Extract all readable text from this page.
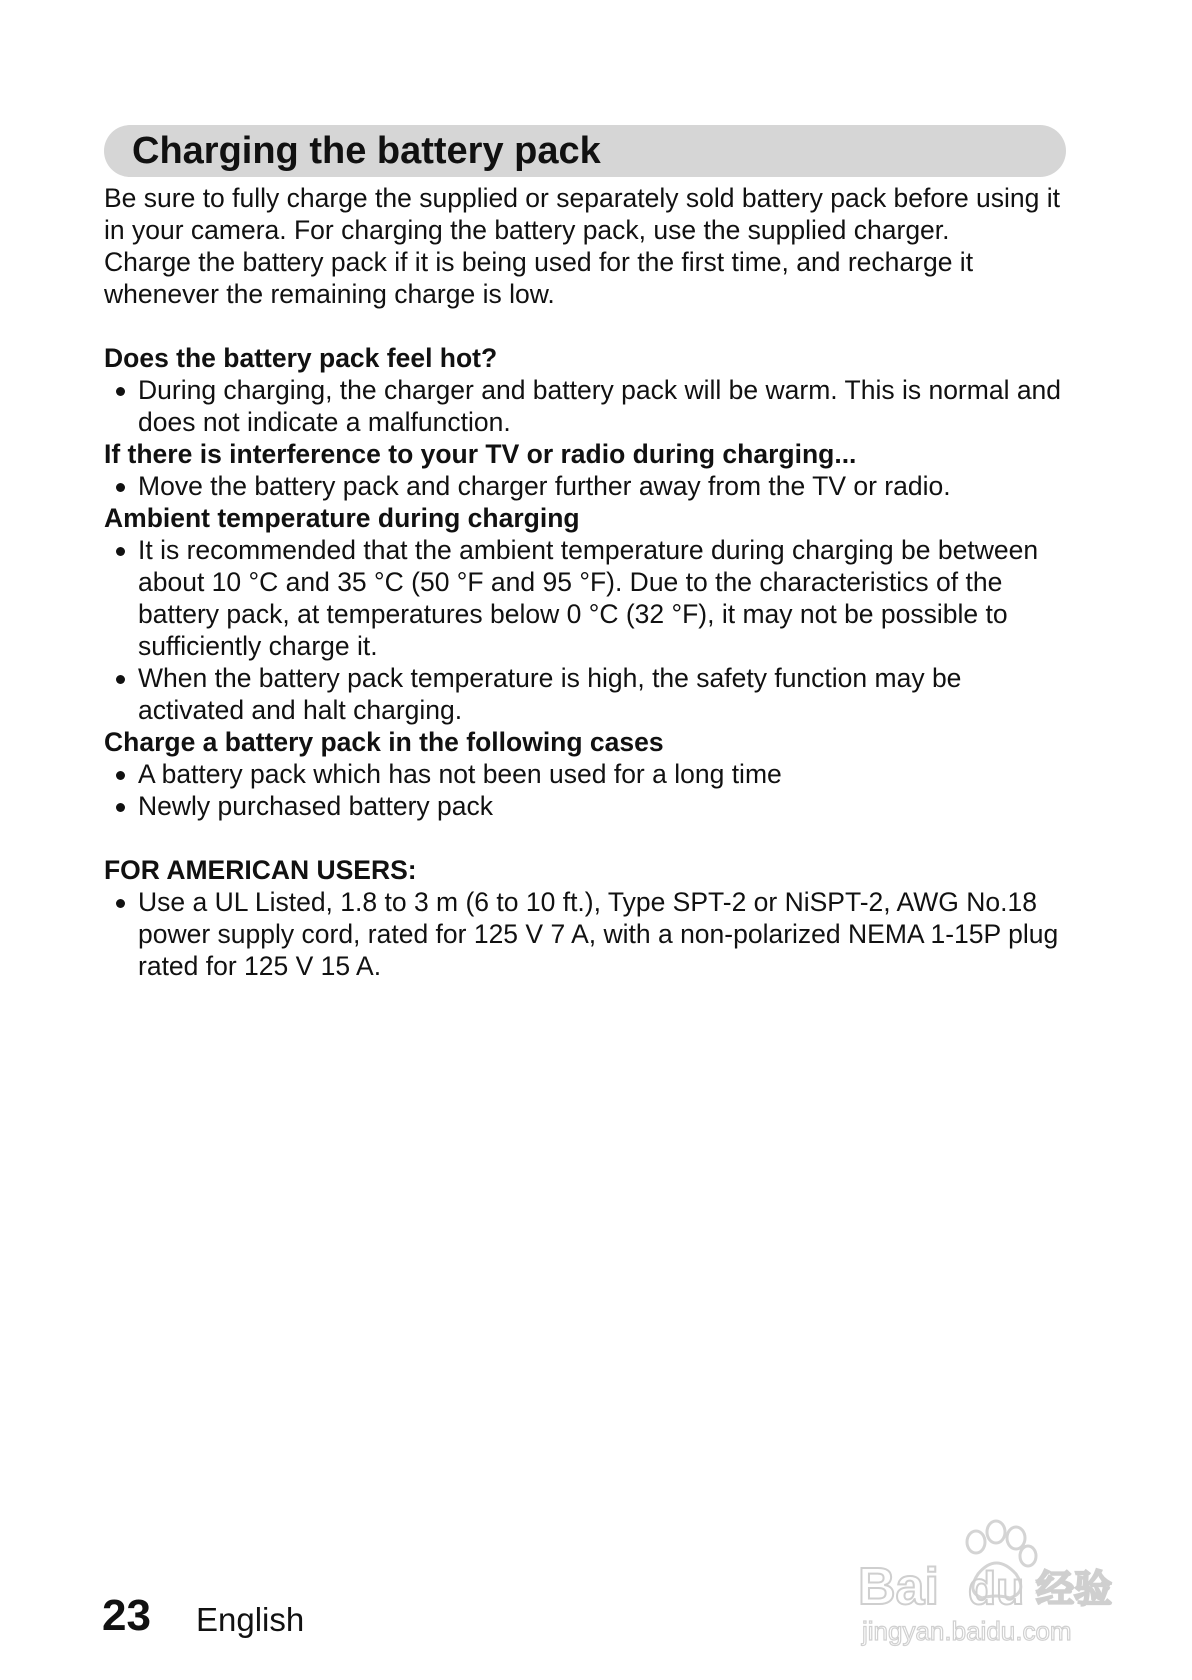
Charging the battery pack

Be sure to fully charge the supplied or separately sold battery pack before using it in your camera. For charging the battery pack, use the supplied charger.

Charge the battery pack if it is being used for the first time, and recharge it whenever the remaining charge is low.

Does the battery pack feel hot?

During charging, the charger and battery pack will be warm. This is normal and does not indicate a malfunction.

If there is interference to your TV or radio during charging...

Move the battery pack and charger further away from the TV or radio.

Ambient temperature during charging

It is recommended that the ambient temperature during charging be between about 10 °C and 35 °C (50 °F and 95 °F). Due to the characteristics of the battery pack, at temperatures below 0 °C (32 °F), it may not be possible to sufficiently charge it.
When the battery pack temperature is high, the safety function may be activated and halt charging.

Charge a battery pack in the following cases

A battery pack which has not been used for a long time
Newly purchased battery pack

FOR AMERICAN USERS:

Use a UL Listed, 1.8 to 3 m (6 to 10 ft.), Type SPT-2 or NiSPT-2, AWG No.18 power supply cord, rated for 125 V 7 A, with a non-polarized NEMA 1-15P plug rated for 125 V 15 A.
23 English
Bai du 经验
jingyan.baidu.com
